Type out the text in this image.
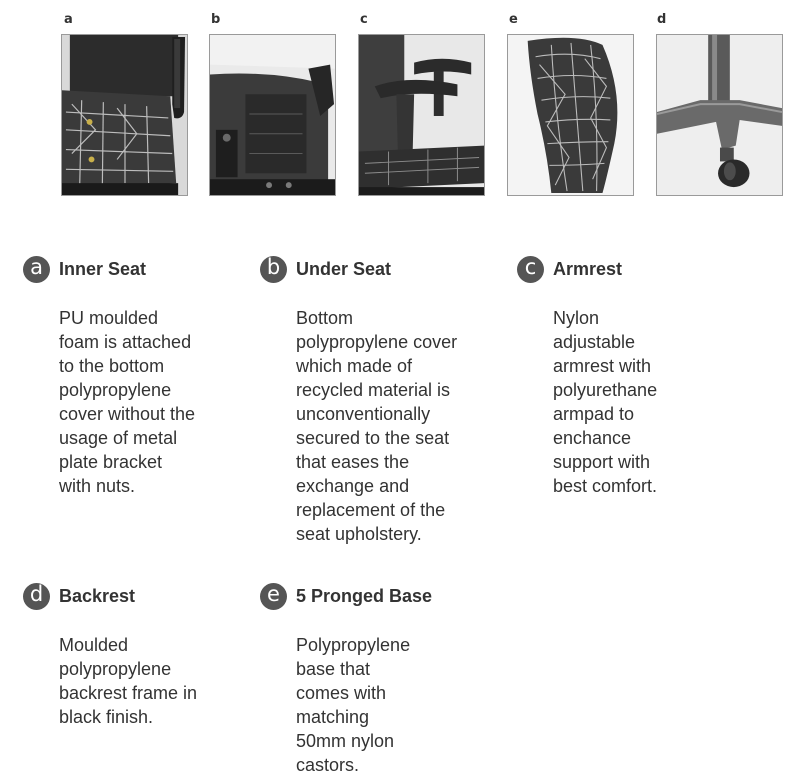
a	b	c	e	d
a Inner Seat
PU moulded
foam is attached
to the bottom
polypropylene
cover without the
usage of metal
plate bracket
with nuts.
b Under Seat
Bottom
polypropylene cover
which made of
recycled material is
unconventionally
secured to the seat
that eases the
exchange and
replacement of the
seat upholstery.
c Armrest
Nylon
adjustable
armrest with
polyurethane
armpad to
enchance
support with
best comfort.
d Backrest
Moulded
polypropylene
backrest frame in
black finish.
e 5 Pronged Base
Polypropylene
base that
comes with
matching
50mm nylon
castors.
